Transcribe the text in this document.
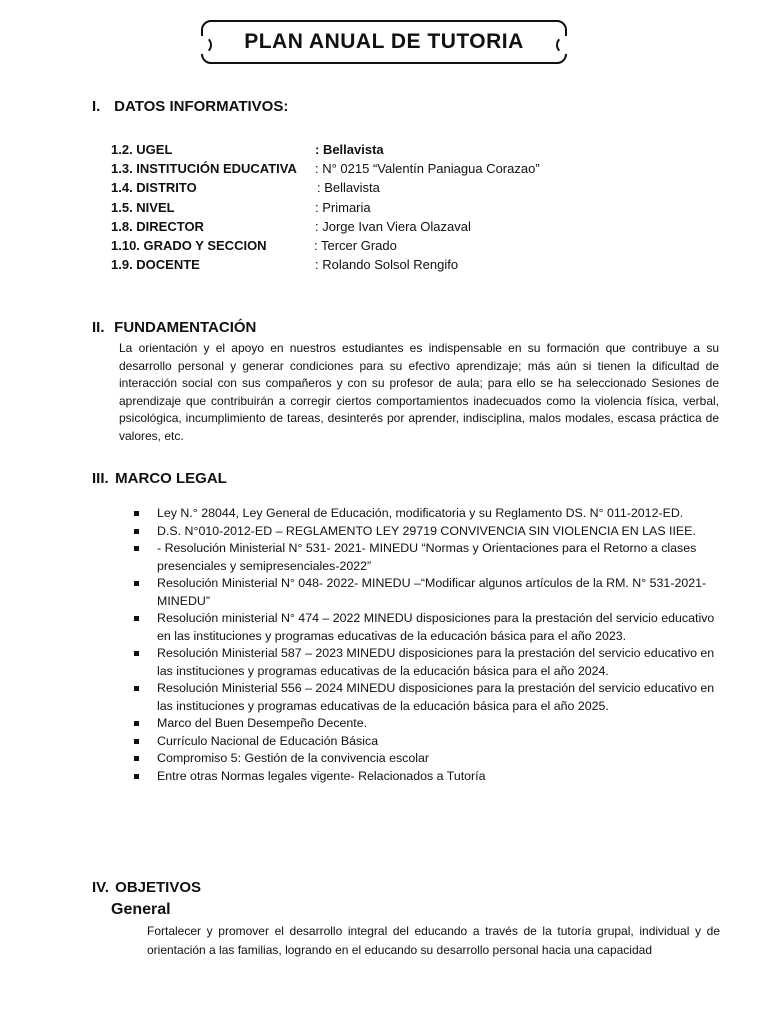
PLAN ANUAL DE TUTORIA
I. DATOS INFORMATIVOS:
1.2. UGEL	: Bellavista
1.3. INSTITUCIÓN EDUCATIVA : N° 0215 “Valentín Paniagua Corazao”
1.4. DISTRITO	: Bellavista
1.5. NIVEL	: Primaria
1.8. DIRECTOR	: Jorge Ivan Viera Olazaval
1.10. GRADO Y SECCION	: Tercer Grado
1.9. DOCENTE	: Rolando Solsol Rengifo
II. FUNDAMENTACIÓN
La orientación y el apoyo en nuestros estudiantes es indispensable en su formación que contribuye a su desarrollo personal y generar condiciones para su efectivo aprendizaje; más aún si tienen la dificultad de interacción social con sus compañeros y con su profesor de aula; para ello se ha seleccionado Sesiones de aprendizaje que contribuirán a corregir ciertos comportamientos inadecuados como la violencia física, verbal, psicológica, incumplimiento de tareas, desinterés por aprender, indisciplina, malos modales, escasa práctica de valores, etc.
III. MARCO LEGAL
Ley N.° 28044, Ley General de Educación, modificatoria y su Reglamento DS. N° 011-2012-ED.
D.S. N°010-2012-ED – REGLAMENTO LEY 29719 CONVIVENCIA SIN VIOLENCIA EN LAS IIEE.
- Resolución Ministerial N° 531- 2021- MINEDU “Normas y Orientaciones para el Retorno a clases presenciales y semipresenciales-2022”
Resolución Ministerial N° 048- 2022- MINEDU –“Modificar algunos artículos de la RM. N° 531-2021-MINEDU”
Resolución ministerial N° 474 – 2022 MINEDU disposiciones para la prestación del servicio educativo en las instituciones y programas educativas de la educación básica para el año 2023.
Resolución Ministerial 587 – 2023 MINEDU disposiciones para la prestación del servicio educativo en las instituciones y programas educativas de la educación básica para el año 2024.
Resolución Ministerial 556 – 2024 MINEDU disposiciones para la prestación del servicio educativo en las instituciones y programas educativas de la educación básica para el año 2025.
Marco del Buen Desempeño Decente.
Currículo Nacional de Educación Básica
Compromiso 5: Gestión de la convivencia escolar
Entre otras Normas legales vigente- Relacionados a Tutoría
IV. OBJETIVOS
General
Fortalecer y promover el desarrollo integral del educando a través de la tutoría grupal, individual y de orientación a las familias, logrando en el educando su desarrollo personal hacia una capacidad
